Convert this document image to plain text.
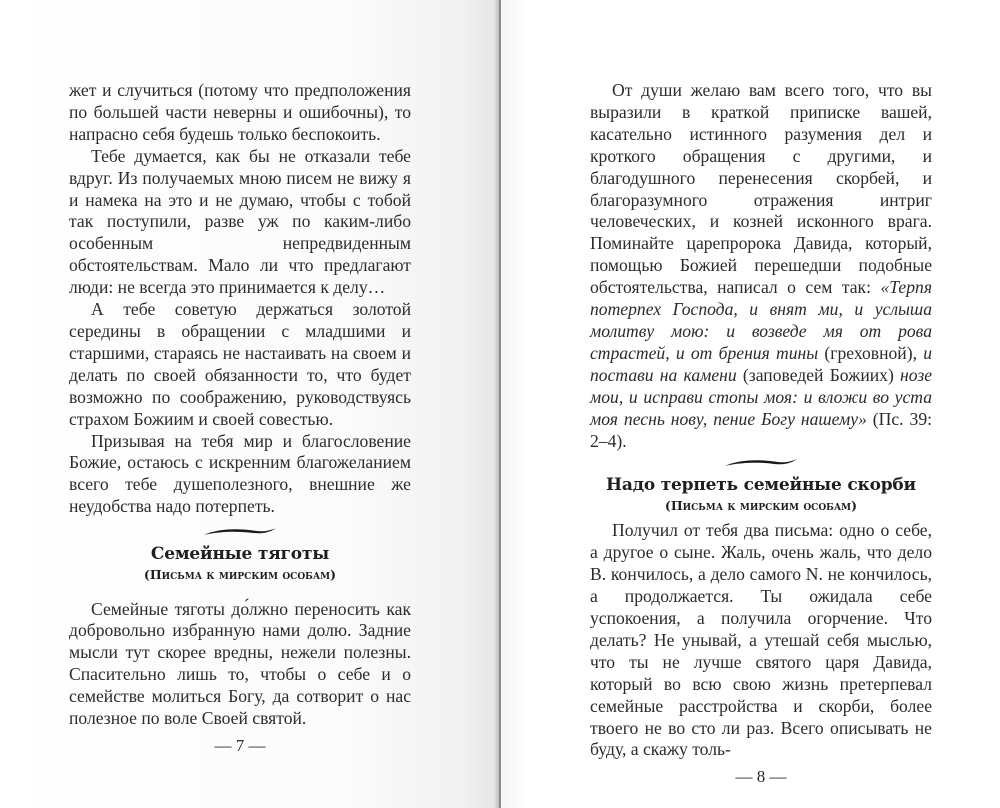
жет и случиться (потому что предположения по большей части неверны и ошибочны), то напрасно себя будешь только беспокоить.

Тебе думается, как бы не отказали тебе вдруг. Из получаемых мною писем не вижу я и намека на это и не думаю, чтобы с тобой так поступили, разве уж по каким-либо особенным непредвиденным обстоятельствам. Мало ли что предлагают люди: не всегда это принимается к делу…

А тебе советую держаться золотой середины в обращении с младшими и старшими, стараясь не настаивать на своем и делать по своей обязанности то, что будет возможно по соображению, руководствуясь страхом Божиим и своей совестью.

Призывая на тебя мир и благословение Божие, остаюсь с искренним благожеланием всего тебе душеполезного, внешние же неудобства надо потерпеть.

Семейные тяготы
(Письма к мирским особам)

Семейные тяготы до́лжно переносить как добровольно избранную нами долю. Задние мысли тут скорее вредны, нежели полезны. Спасительно лишь то, чтобы о себе и о семействе молиться Богу, да сотворит о нас полезное по воле Своей святой.

— 7 —

От души желаю вам всего того, что вы выразили в краткой приписке вашей, касательно истинного разумения дел и кроткого обращения с другими, и благодушного перенесения скорбей, и благоразумного отражения интриг человеческих, и козней исконного врага. Поминайте царепророка Давида, который, помощью Божией перешедши подобные обстоятельства, написал о сем так: «Терпя потерпех Господа, и внят ми, и услыша молитву мою: и возведе мя от рова страстей, и от брения тины (греховной), и постави на камени (заповедей Божиих) нозе мои, и исправи стопы моя: и вложи во уста моя песнь нову, пение Богу нашему» (Пс. 39: 2–4).

Надо терпеть семейные скорби
(Письма к мирским особам)

Получил от тебя два письма: одно о себе, а другое о сыне. Жаль, очень жаль, что дело В. кончилось, а дело самого N. не кончилось, а продолжается. Ты ожидала себе успокоения, а получила огорчение. Что делать? Не унывай, а утешай себя мыслью, что ты не лучше святого царя Давида, который во всю свою жизнь претерпевал семейные расстройства и скорби, более твоего не во сто ли раз. Всего описывать не буду, а скажу толь-

— 8 —
